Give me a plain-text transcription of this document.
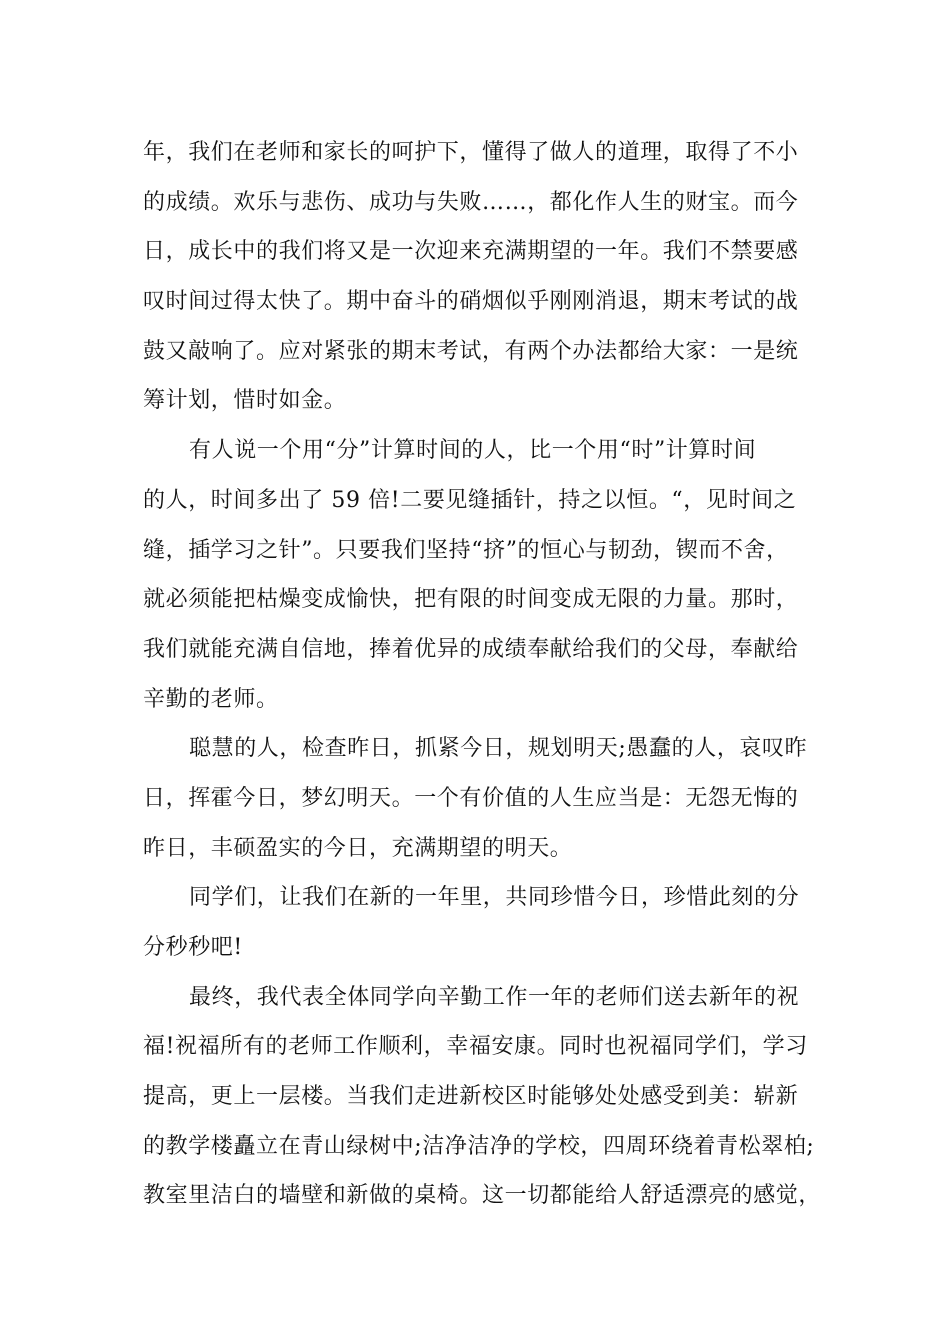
年，我们在老师和家长的呵护下，懂得了做人的道理，取得了不小
的成绩。欢乐与悲伤、成功与失败……，都化作人生的财宝。而今
日，成长中的我们将又是一次迎来充满期望的一年。我们不禁要感
叹时间过得太快了。期中奋斗的硝烟似乎刚刚消退，期末考试的战
鼓又敲响了。应对紧张的期末考试，有两个办法都给大家：一是统
筹计划，惜时如金。
有人说一个用“分”计算时间的人，比一个用“时”计算时间
的人，时间多出了 59 倍!二要见缝插针，持之以恒。“，见时间之
缝，插学习之针”。只要我们坚持“挤”的恒心与韧劲，锲而不舍，
就必须能把枯燥变成愉快，把有限的时间变成无限的力量。那时，
我们就能充满自信地，捧着优异的成绩奉献给我们的父母，奉献给
辛勤的老师。
聪慧的人，检查昨日，抓紧今日，规划明天;愚蠢的人，哀叹昨
日，挥霍今日，梦幻明天。一个有价值的人生应当是：无怨无悔的
昨日，丰硕盈实的今日，充满期望的明天。
同学们，让我们在新的一年里，共同珍惜今日，珍惜此刻的分
分秒秒吧!
最终，我代表全体同学向辛勤工作一年的老师们送去新年的祝
福!祝福所有的老师工作顺利，幸福安康。同时也祝福同学们，学习
提高，更上一层楼。当我们走进新校区时能够处处感受到美：崭新
的教学楼矗立在青山绿树中;洁净洁净的学校，四周环绕着青松翠柏;
教室里洁白的墙壁和新做的桌椅。这一切都能给人舒适漂亮的感觉，
